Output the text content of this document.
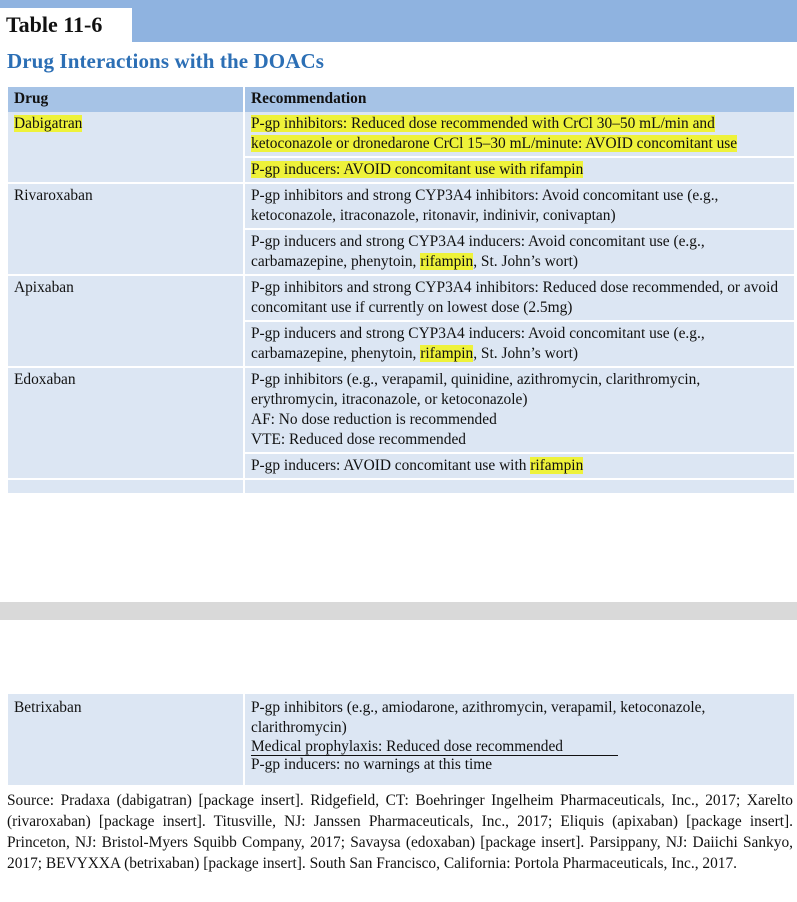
Table 11-6
Drug Interactions with the DOACs
Drug	Recommendation
Dabigatran	P-gp inhibitors: Reduced dose recommended with CrCl 30–50 mL/min and ketoconazole or dronedarone CrCl 15–30 mL/minute: AVOID concomitant use
	P-gp inducers: AVOID concomitant use with rifampin
Rivaroxaban	P-gp inhibitors and strong CYP3A4 inhibitors: Avoid concomitant use (e.g., ketoconazole, itraconazole, ritonavir, indinivir, conivaptan)
	P-gp inducers and strong CYP3A4 inducers: Avoid concomitant use (e.g., carbamazepine, phenytoin, rifampin, St. John’s wort)
Apixaban	P-gp inhibitors and strong CYP3A4 inhibitors: Reduced dose recommended, or avoid concomitant use if currently on lowest dose (2.5mg)
	P-gp inducers and strong CYP3A4 inducers: Avoid concomitant use (e.g., carbamazepine, phenytoin, rifampin, St. John’s wort)
Edoxaban	P-gp inhibitors (e.g., verapamil, quinidine, azithromycin, clarithromycin, erythromycin, itraconazole, or ketoconazole)
AF: No dose reduction is recommended
VTE: Reduced dose recommended

	P-gp inducers: AVOID concomitant use with rifampin

Betrixaban	P-gp inhibitors (e.g., amiodarone, azithromycin, verapamil, ketoconazole, clarithromycin)
Medical prophylaxis: Reduced dose recommended

P-gp inducers: no warnings at this time

Source: Pradaxa (dabigatran) [package insert]. Ridgefield, CT: Boehringer Ingelheim Pharmaceuticals, Inc., 2017; Xarelto (rivaroxaban) [package insert]. Titusville, NJ: Janssen Pharmaceuticals, Inc., 2017; Eliquis (apixaban) [package insert]. Princeton, NJ: Bristol-Myers Squibb Company, 2017; Savaysa (edoxaban) [package insert]. Parsippany, NJ: Daiichi Sankyo, 2017; BEVYXXA (betrixaban) [package insert]. South San Francisco, California: Portola Pharmaceuticals, Inc., 2017.
